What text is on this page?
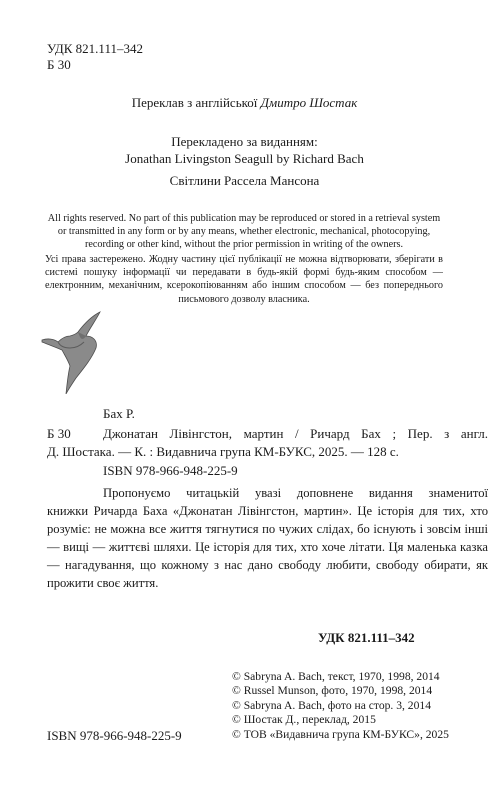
УДК 821.111–342
Б 30
Переклав з англійської Дмитро Шостак
Перекладено за виданням:
Jonathan Livingston Seagull by Richard Bach
Світлини Рассела Мансона
All rights reserved. No part of this publication may be reproduced or stored in a retrieval system
or transmitted in any form or by any means, whether electronic, mechanical, photocopying,
recording or other kind, without the prior permission in writing of the owners.
Усі права застережено. Жодну частину цієї публікації не можна відтворювати, зберігати в системі пошуку інформації чи передавати в будь-якій формі будь-яким способом — електронним, механічним, ксерокопіюванням або іншим способом — без попереднього письмового дозволу власника.
Бах Р.
Б 30 Джонатан Лівінгстон, мартин / Ричард Бах ; Пер. з англ.
Д. Шостака. — К. : Видавнича група КМ-БУКС, 2025. — 128 с.
ISBN 978-966-948-225-9
Пропонуємо читацькій увазі доповнене видання знаменитої
книжки Ричарда Баха «Джонатан Лівінгстон, мартин». Це історія для тих, хто розуміє: не можна все життя тягнутися по чужих слідах, бо існують і зовсім інші — вищі — життєві шляхи. Це історія для тих, хто хоче літати. Ця маленька казка — нагадування, що кожному з нас дано свободу любити, свободу обирати, як прожити своє життя.
УДК 821.111–342
© Sabryna A. Bach, текст, 1970, 1998, 2014
© Russel Munson, фото, 1970, 1998, 2014
© Sabryna A. Bach, фото на стор. 3, 2014
© Шостак Д., переклад, 2015
© ТОВ «Видавнича група КМ-БУКС», 2025
ISBN 978-966-948-225-9
